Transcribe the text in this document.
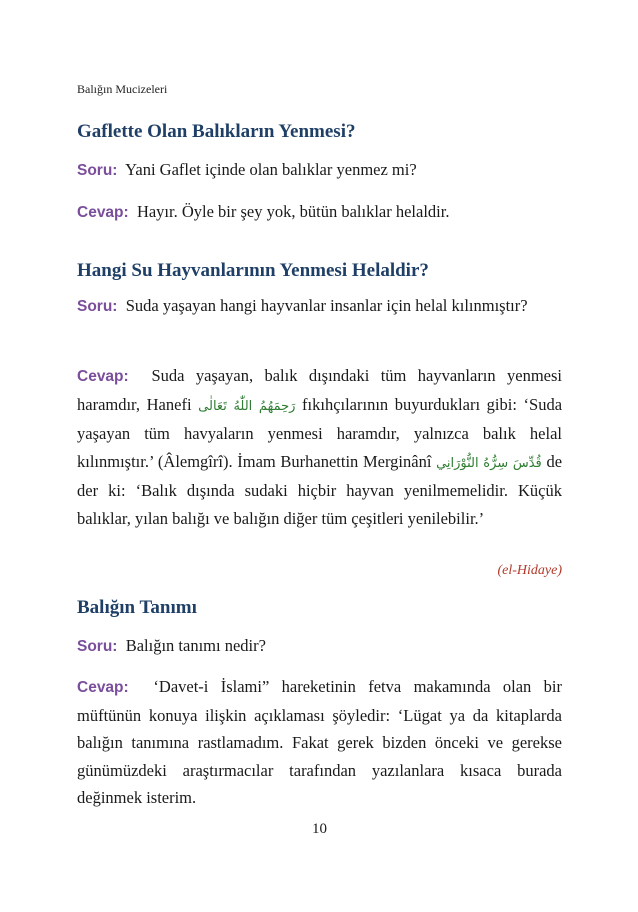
Balığın Mucizeleri
Gaflette Olan Balıkların Yenmesi?
Soru: Yani Gaflet içinde olan balıklar yenmez mi?
Cevap: Hayır. Öyle bir şey yok, bütün balıklar helaldir.
Hangi Su Hayvanlarının Yenmesi Helaldir?
Soru: Suda yaşayan hangi hayvanlar insanlar için helal kılınmıştır?
Cevap: Suda yaşayan, balık dışındaki tüm hayvanların yenmesi haramdır, Hanefi رَحِمَهُمُ اللّٰهُ تَعَالٰى fıkıhçılarının buyurdukları gibi: ‘Suda yaşayan tüm havyaların yenmesi haramdır, yalnızca balık helal kılınmıştır.’ (Âlemgîrî). İmam Burhanettin Merginânî قُدِّسَ سِرُّهُ النُّوْرَانِي de der ki: ‘Balık dışında sudaki hiçbir hayvan yenilmemelidir. Küçük balıklar, yılan balığı ve balığın diğer tüm çeşitleri yenilebilir.’
(el-Hidaye)
Balığın Tanımı
Soru: Balığın tanımı nedir?
Cevap: ‘Davet-i İslami” hareketinin fetva makamında olan bir müftünün konuya ilişkin açıklaması şöyledir: ‘Lügat ya da kitaplarda balığın tanımına rastlamadım. Fakat gerek bizden önceki ve gerekse günümüzdeki araştırmacılar tarafından yazılanlara kısaca burada değinmek isterim.
10
